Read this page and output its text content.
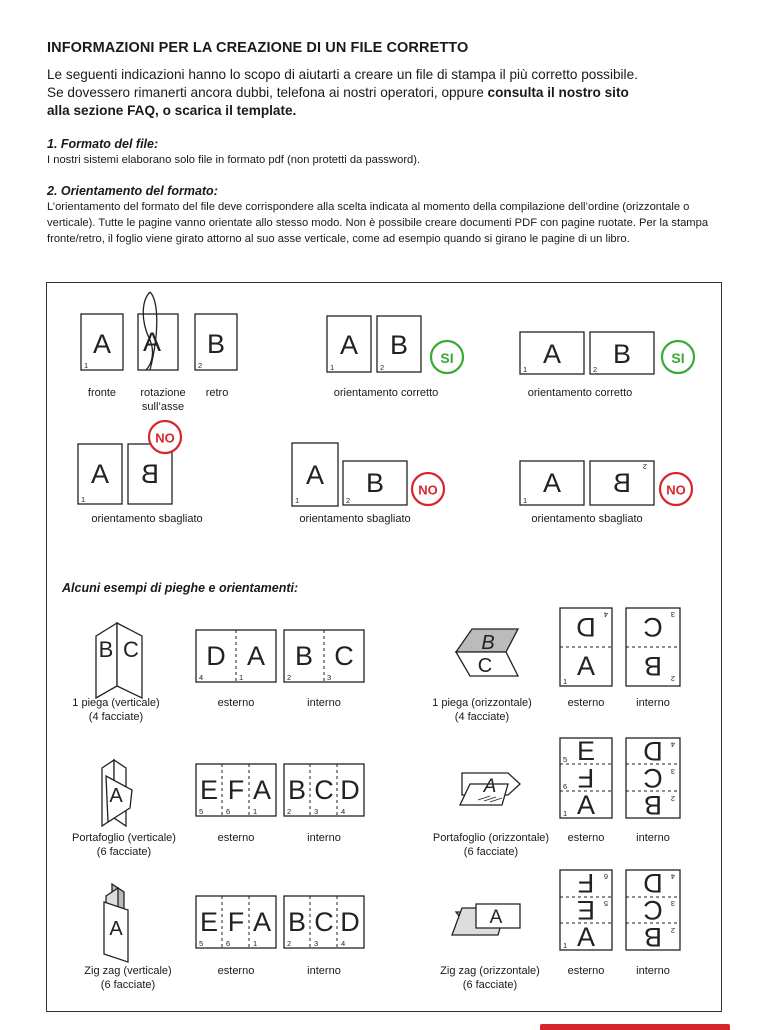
INFORMAZIONI PER LA CREAZIONE DI UN FILE CORRETTO
Le seguenti indicazioni hanno lo scopo di aiutarti a creare un file di stampa il più corretto possibile.
Se dovessero rimanerti ancora dubbi, telefona ai nostri operatori, oppure consulta il nostro sito
alla sezione FAQ, o scarica il template.
1. Formato del file:
I nostri sistemi elaborano solo file in formato pdf (non protetti da password).
2. Orientamento del formato:
L’orientamento del formato del file deve corrispondere alla scelta indicata al momento della compilazione dell’ordine (orizzontale o verticale). Tutte le pagine vanno orientate allo stesso modo. Non è possibile creare documenti PDF con pagine ruotate. Per la stampa fronte/retro, il foglio viene girato attorno al suo asse verticale, come ad esempio quando si girano le pagine di un libro.
A
1
A B
2
A
1
B
2
SI	A
1
B
2
SI
A
1
B
NO
A
1
B
2
NO	A
1
B
2
NO
B C D A
4	1
B C
2	3
B
C
D
A
4
1
C
B
3
2
A	E F A
5	6	1
B C D
2	3	4
A
E
F
A
5
6
1
D
C
B
4
3
2
A	E F A
5	6	1
B C D
2	3	4
A
F
E
A
6
5
1
D
C
B
4
3
2
fronte	rotazione
sull’asse
retro	orientamento corretto	orientamento corretto
orientamento sbagliato	orientamento sbagliato	orientamento sbagliato
Alcuni esempi di pieghe e orientamenti:
1 piega (verticale)
(4 facciate)
esterno	interno	1 piega (orizzontale)
(4 facciate)
esterno	interno
Portafoglio (verticale)
(6 facciate)
esterno	interno	Portafoglio (orizzontale)
(6 facciate)
esterno	interno
Zig zag (verticale)
(6 facciate)
esterno	interno	Zig zag (orizzontale)
(6 facciate)
esterno	interno
